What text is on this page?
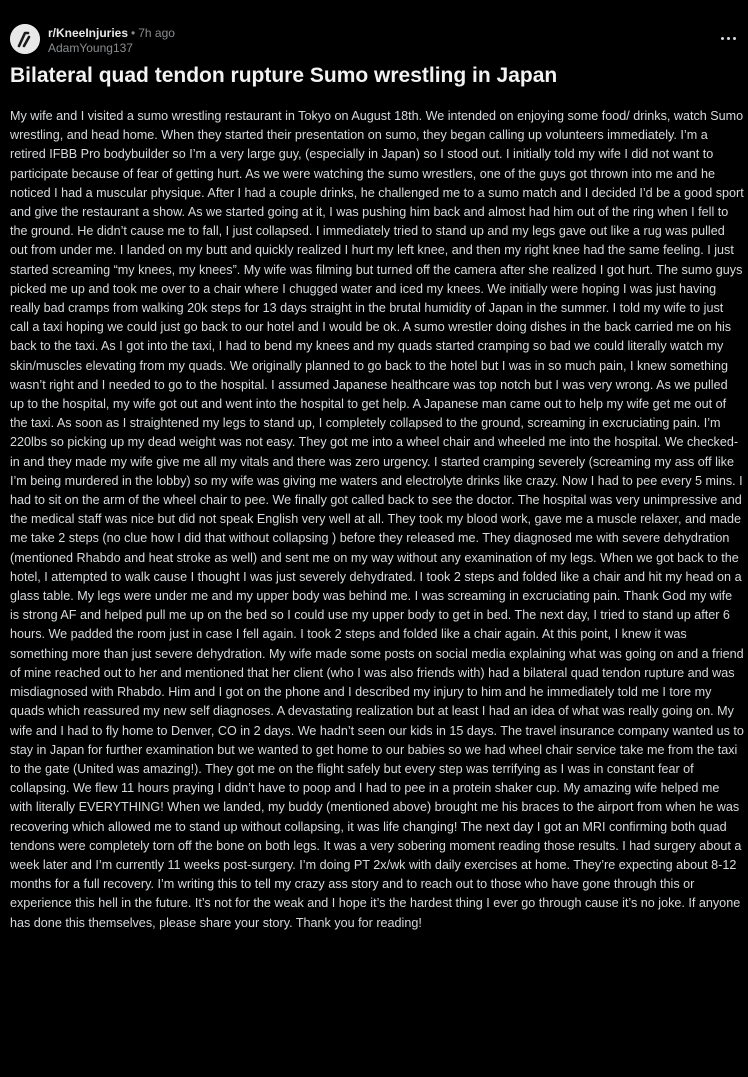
r/KneeInjuries • 7h ago
AdamYoung137
Bilateral quad tendon rupture Sumo wrestling in Japan

My wife and I visited a sumo wrestling restaurant in Tokyo on August 18th. We intended on enjoying some food/ drinks, watch Sumo wrestling, and head home. When they started their presentation on sumo, they began calling up volunteers immediately. I’m a retired IFBB Pro bodybuilder so I’m a very large guy, (especially in Japan) so I stood out. I initially told my wife I did not want to participate because of fear of getting hurt. As we were watching the sumo wrestlers, one of the guys got thrown into me and he noticed I had a muscular physique. After I had a couple drinks, he challenged me to a sumo match and I decided I’d be a good sport and give the restaurant a show. As we started going at it, I was pushing him back and almost had him out of the ring when I fell to the ground. He didn’t cause me to fall, I just collapsed. I immediately tried to stand up and my legs gave out like a rug was pulled out from under me. I landed on my butt and quickly realized I hurt my left knee, and then my right knee had the same feeling. I just started screaming “my knees, my knees”. My wife was filming but turned off the camera after she realized I got hurt. The sumo guys picked me up and took me over to a chair where I chugged water and iced my knees. We initially were hoping I was just having really bad cramps from walking 20k steps for 13 days straight in the brutal humidity of Japan in the summer. I told my wife to just call a taxi hoping we could just go back to our hotel and I would be ok. A sumo wrestler doing dishes in the back carried me on his back to the taxi. As I got into the taxi, I had to bend my knees and my quads started cramping so bad we could literally watch my skin/muscles elevating from my quads. We originally planned to go back to the hotel but I was in so much pain, I knew something wasn’t right and I needed to go to the hospital. I assumed Japanese healthcare was top notch but I was very wrong. As we pulled up to the hospital, my wife got out and went into the hospital to get help. A Japanese man came out to help my wife get me out of the taxi. As soon as I straightened my legs to stand up, I completely collapsed to the ground, screaming in excruciating pain. I’m 220lbs so picking up my dead weight was not easy. They got me into a wheel chair and wheeled me into the hospital. We checked-in and they made my wife give me all my vitals and there was zero urgency. I started cramping severely (screaming my ass off like I’m being murdered in the lobby) so my wife was giving me waters and electrolyte drinks like crazy. Now I had to pee every 5 mins. I had to sit on the arm of the wheel chair to pee. We finally got called back to see the doctor. The hospital was very unimpressive and the medical staff was nice but did not speak English very well at all. They took my blood work, gave me a muscle relaxer, and made me take 2 steps (no clue how I did that without collapsing ) before they released me. They diagnosed me with severe dehydration (mentioned Rhabdo and heat stroke as well) and sent me on my way without any examination of my legs. When we got back to the hotel, I attempted to walk cause I thought I was just severely dehydrated. I took 2 steps and folded like a chair and hit my head on a glass table. My legs were under me and my upper body was behind me. I was screaming in excruciating pain. Thank God my wife is strong AF and helped pull me up on the bed so I could use my upper body to get in bed. The next day, I tried to stand up after 6 hours. We padded the room just in case I fell again. I took 2 steps and folded like a chair again. At this point, I knew it was something more than just severe dehydration. My wife made some posts on social media explaining what was going on and a friend of mine reached out to her and mentioned that her client (who I was also friends with) had a bilateral quad tendon rupture and was misdiagnosed with Rhabdo. Him and I got on the phone and I described my injury to him and he immediately told me I tore my quads which reassured my new self diagnoses. A devastating realization but at least I had an idea of what was really going on. My wife and I had to fly home to Denver, CO in 2 days. We hadn’t seen our kids in 15 days. The travel insurance company wanted us to stay in Japan for further examination but we wanted to get home to our babies so we had wheel chair service take me from the taxi to the gate (United was amazing!). They got me on the flight safely but every step was terrifying as I was in constant fear of collapsing. We flew 11 hours praying I didn’t have to poop and I had to pee in a protein shaker cup. My amazing wife helped me with literally EVERYTHING! When we landed, my buddy (mentioned above) brought me his braces to the airport from when he was recovering which allowed me to stand up without collapsing, it was life changing! The next day I got an MRI confirming both quad tendons were completely torn off the bone on both legs. It was a very sobering moment reading those results. I had surgery about a week later and I’m currently 11 weeks post-surgery. I’m doing PT 2x/wk with daily exercises at home. They’re expecting about 8-12 months for a full recovery. I’m writing this to tell my crazy ass story and to reach out to those who have gone through this or experience this hell in the future. It’s not for the weak and I hope it’s the hardest thing I ever go through cause it’s no joke. If anyone has done this themselves, please share your story. Thank you for reading!
